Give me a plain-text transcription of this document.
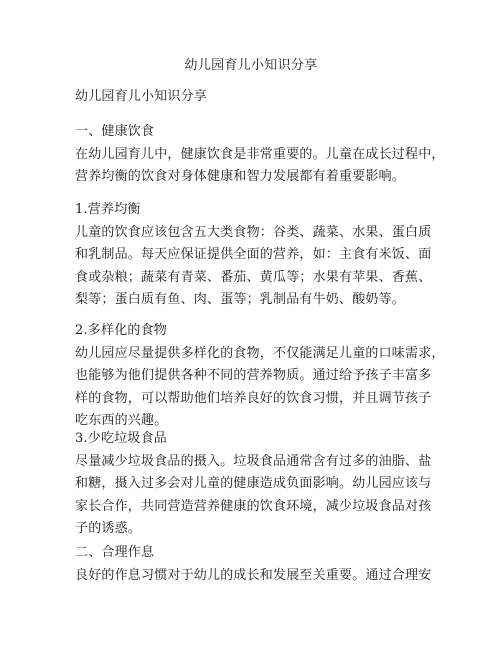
幼儿园育儿小知识分享
幼儿园育儿小知识分享
一、健康饮食
在幼儿园育儿中，健康饮食是非常重要的。儿童在成长过程中，
营养均衡的饮食对身体健康和智力发展都有着重要影响。
1.营养均衡
儿童的饮食应该包含五大类食物：谷类、蔬菜、水果、蛋白质
和乳制品。每天应保证提供全面的营养，如：主食有米饭、面
食或杂粮；蔬菜有青菜、番茄、黄瓜等；水果有苹果、香蕉、
梨等；蛋白质有鱼、肉、蛋等；乳制品有牛奶、酸奶等。
2.多样化的食物
幼儿园应尽量提供多样化的食物，不仅能满足儿童的口味需求，
也能够为他们提供各种不同的营养物质。通过给予孩子丰富多
样的食物，可以帮助他们培养良好的饮食习惯，并且调节孩子
吃东西的兴趣。
3.少吃垃圾食品
尽量减少垃圾食品的摄入。垃圾食品通常含有过多的油脂、盐
和糖，摄入过多会对儿童的健康造成负面影响。幼儿园应该与
家长合作，共同营造营养健康的饮食环境，减少垃圾食品对孩
子的诱惑。
二、合理作息
良好的作息习惯对于幼儿的成长和发展至关重要。通过合理安
